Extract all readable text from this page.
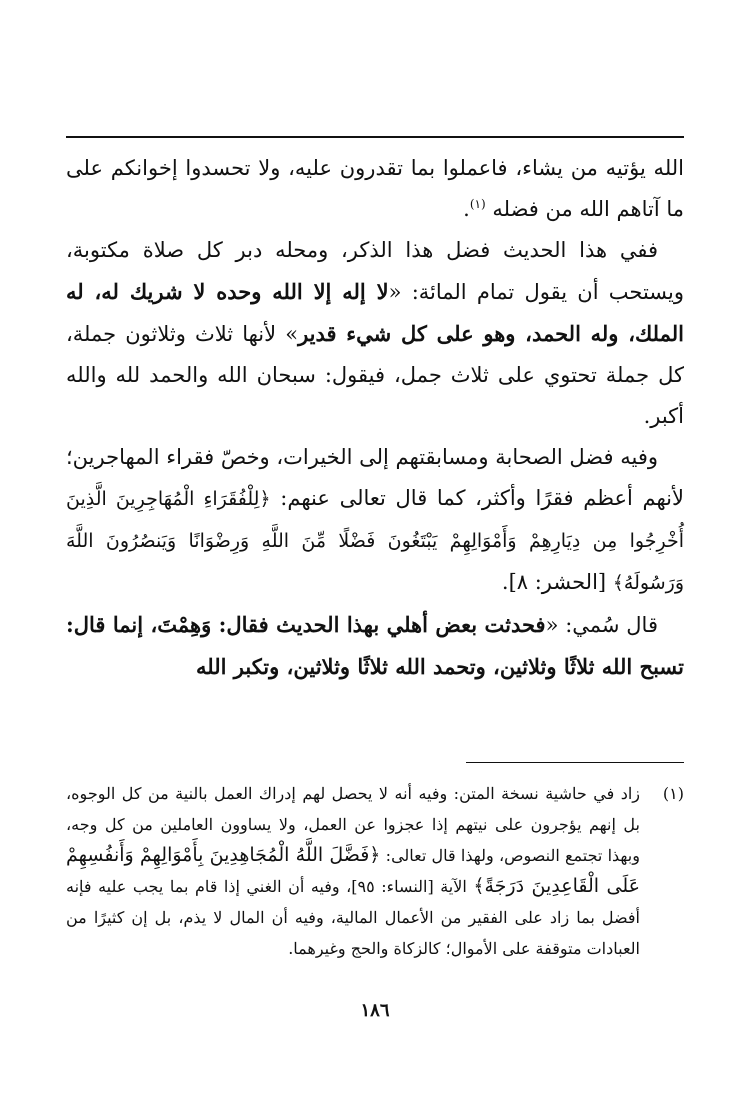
الله يؤتيه من يشاء، فاعملوا بما تقدرون عليه، ولا تحسدوا إخوانكم على ما آتاهم الله من فضله $^{(١)}$.

ففي هذا الحديث فضل هذا الذكر، ومحله دبر كل صلاة مكتوبة، ويستحب أن يقول تمام المائة: «لا إله إلا الله وحده لا شريك له، له الملك، وله الحمد، وهو على كل شيء قدير» لأنها ثلاث وثلاثون جملة، كل جملة تحتوي على ثلاث جمل، فيقول: سبحان الله والحمد لله والله أكبر.

وفيه فضل الصحابة ومسابقتهم إلى الخيرات، وخصّ فقراء المهاجرين؛ لأنهم أعظم فقرًا وأكثر، كما قال تعالى عنهم: ﴿لِلْفُقَرَاءِ الْمُهَاجِرِينَ الَّذِينَ أُخْرِجُوا مِن دِيَارِهِمْ وَأَمْوَالِهِمْ يَبْتَغُونَ فَضْلًا مِّنَ اللَّهِ وَرِضْوَانًا وَيَنصُرُونَ اللَّهَ وَرَسُولَهُ﴾ [الحشر: ٨].

قال سُمي: «فحدثت بعض أهلي بهذا الحديث فقال: وَهِمْتَ، إنما قال: تسبح الله ثلاثًا وثلاثين، وتحمد الله ثلاثًا وثلاثين، وتكبر الله

(١)
زاد في حاشية نسخة المتن: وفيه أنه لا يحصل لهم إدراك العمل بالنية من كل الوجوه، بل إنهم يؤجرون على نيتهم إذا عجزوا عن العمل، ولا يساوون العاملين من كل وجه، وبهذا تجتمع النصوص، ولهذا قال تعالى: ﴿فَضَّلَ اللَّهُ الْمُجَاهِدِينَ بِأَمْوَالِهِمْ وَأَنفُسِهِمْ عَلَى الْقَاعِدِينَ دَرَجَةً﴾ الآية [النساء: ٩٥]، وفيه أن الغني إذا قام بما يجب عليه فإنه أفضل بما زاد على الفقير من الأعمال المالية، وفيه أن المال لا يذم، بل إن كثيرًا من العبادات متوقفة على الأموال؛ كالزكاة والحج وغيرهما.
١٨٦
